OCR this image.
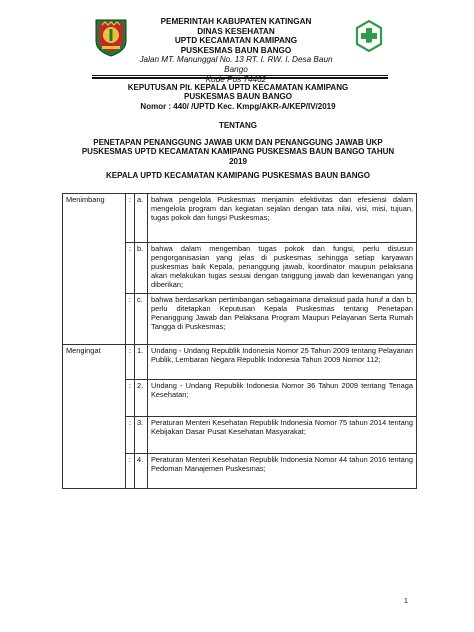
PEMERINTAH KABUPATEN KATINGAN
DINAS KESEHATAN
UPTD KECAMATAN KAMIPANG
PUSKESMAS BAUN BANGO
Jalan MT. Manunggal No. 13 RT. I. RW. I. Desa Baun Bango
Kode Pos 74462
KEPUTUSAN Plt. KEPALA UPTD KECAMATAN KAMIPANG
PUSKESMAS BAUN BANGO
Nomor : 440/ /UPTD Kec. Kmpg/AKR-A/KEP/IV/2019
TENTANG
PENETAPAN PENANGGUNG JAWAB UKM DAN PENANGGUNG JAWAB UKP
PUSKESMAS UPTD KECAMATAN KAMIPANG PUSKESMAS BAUN BANGO TAHUN
2019
KEPALA UPTD KECAMATAN KAMIPANG PUSKESMAS BAUN BANGO
Menimbang	:	a.	bahwa pengelola Puskesmas menjamin efektivitas dan efesiensi dalam mengelola program dan kegiatan sejalan dengan tata nilai, visi, misi, tujuan, tugas pokok dan fungsi Puskesmas;
	:	b.	bahwa dalam mengemban tugas pokok dan fungsi, perlu disusun pengorganisasian yang jelas di puskesmas sehingga setiap karyawan puskesmas baik Kepala, penanggung jawab, koordinator maupun pelaksana akan melakukan tugas sesuai dengan tanggung jawab dan kewenangan yang diberikan;
	:	c.	bahwa berdasarkan pertimbangan sebagaimana dimaksud pada huruf a dan b, perlu ditetapkan Keputusan Kepala Puskesmas tentang Penetapan Penanggung Jawab dan Pelaksana Program Maupun Pelayanan Serta Rumah Tangga di Puskesmas;
Mengingat	:	1.	Undang - Undang Republik Indonesia Nomor 25 Tahun 2009 tentang Pelayanan Publik, Lembaran Negara Republik Indonesia Tahun 2009 Nomor 112;
	:	2.	Undang - Undang Republik Indonesia Nomor 36 Tahun 2009 tentang Tenaga Kesehatan;
	:	3.	Peraturan Menteri Kesehatan Republik Indonesia Nomor 75 tahun 2014 tentang Kebijakan Dasar Pusat Kesehatan Masyarakat;
	:	4.	Peraturan Menteri Kesehatan Republik Indonesia Nomor 44 tahun 2016 tentang Pedoman Manajemen Puskesmas;
1
